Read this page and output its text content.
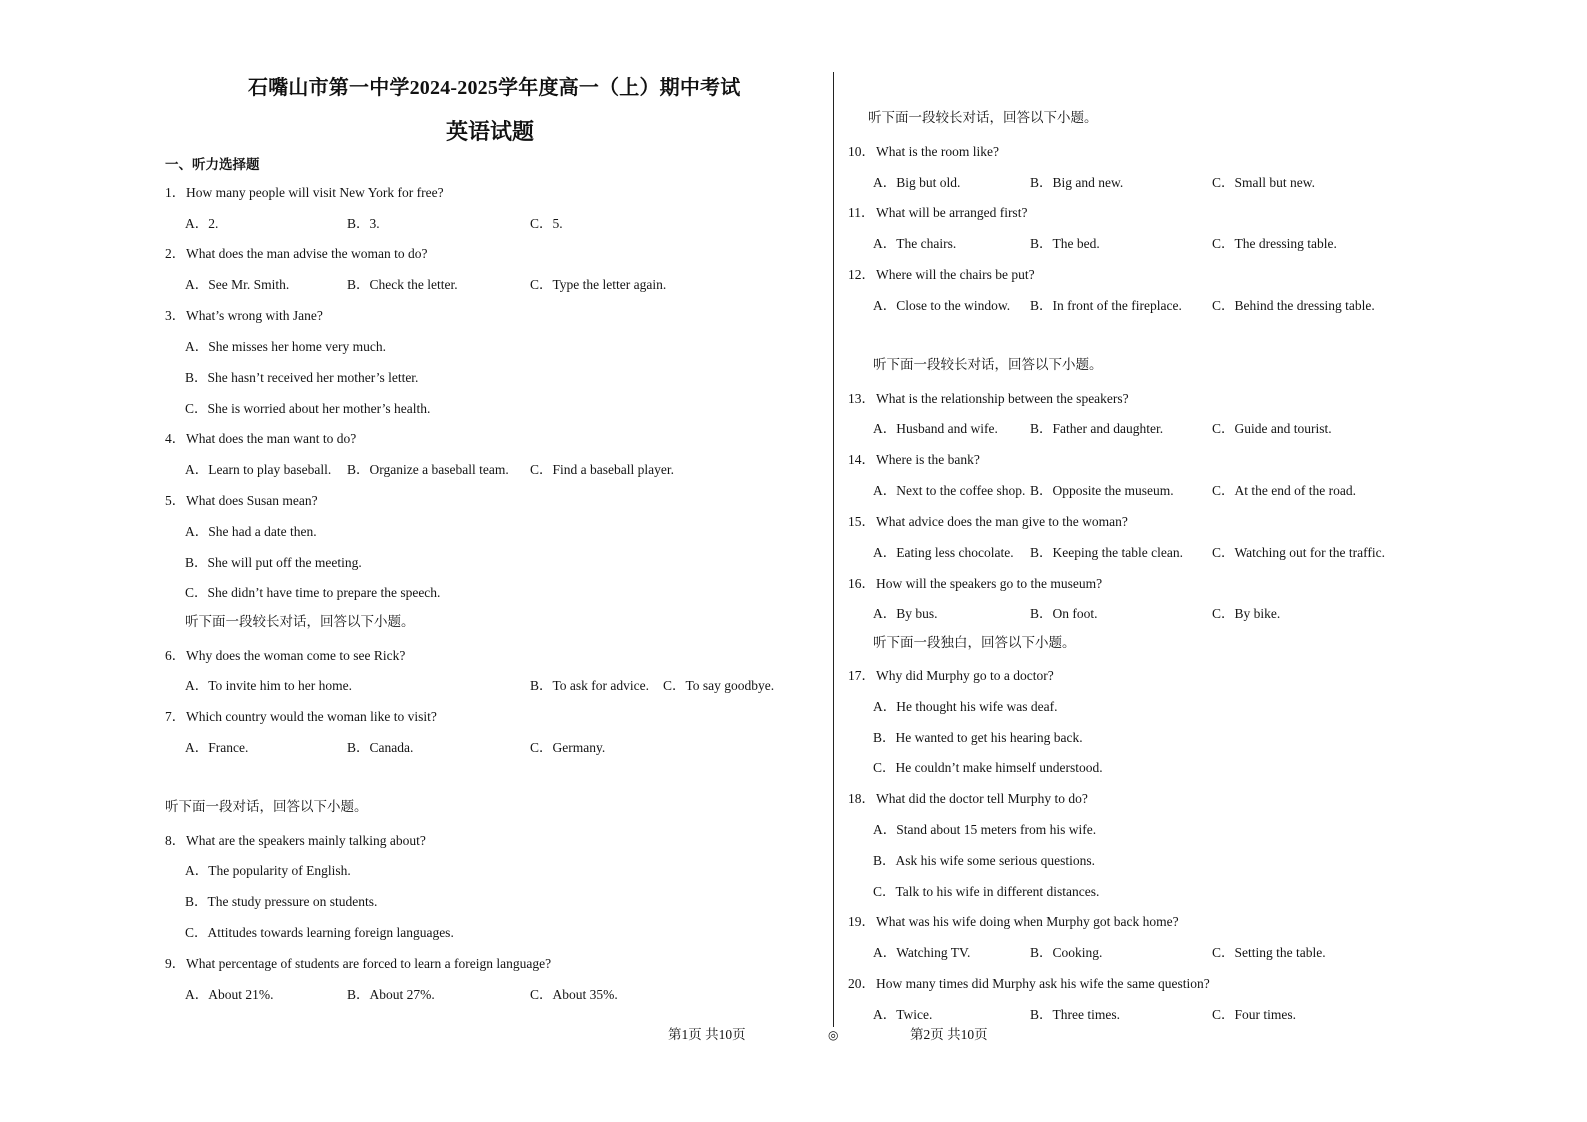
石嘴山市第一中学2024-2025学年度高一（上）期中考试
英语试题
一、听力选择题
1． How many people will visit New York for free?
A．2.	B．3.	C．5.
2． What does the man advise the woman to do?
A．See Mr. Smith.	B．Check the letter.	C．Type the letter again.
3． What’s wrong with Jane?
A．She misses her home very much.
B．She hasn’t received her mother’s letter.
C．She is worried about her mother’s health.
4． What does the man want to do?
A．Learn to play baseball. B．Organize a baseball team. C．Find a baseball player.
5． What does Susan mean?
A．She had a date then.
B．She will put off the meeting.
C．She didn’t have time to prepare the speech.
听下面一段较长对话，回答以下小题。
6． Why does the woman come to see Rick?
A．To invite him to her home.	B．To ask for advice. C．To say goodbye.
7． Which country would the woman like to visit?
A．France.	B．Canada.	C．Germany.
听下面一段对话，回答以下小题。
8． What are the speakers mainly talking about?
A．The popularity of English.
B．The study pressure on students.
C．Attitudes towards learning foreign languages.
9． What percentage of students are forced to learn a foreign language?
A．About 21%.	B．About 27%.	C．About 35%.
听下面一段较长对话，回答以下小题。
10． What is the room like?
A．Big but old.	B．Big and new.	C．Small but new.
11． What will be arranged first?
A．The chairs.	B．The bed.	C．The dressing table.
12． Where will the chairs be put?
A．Close to the window. B．In front of the fireplace. C．Behind the dressing table.
听下面一段较长对话，回答以下小题。
13． What is the relationship between the speakers?
A．Husband and wife. B．Father and daughter.	C．Guide and tourist.
14． Where is the bank?
A．Next to the coffee shop. B．Opposite the museum.	C．At the end of the road.
15． What advice does the man give to the woman?
A．Eating less chocolate. B．Keeping the table clean. C．Watching out for the traffic.
16． How will the speakers go to the museum?
A．By bus.	B．On foot.	C．By bike.
听下面一段独白，回答以下小题。
17． Why did Murphy go to a doctor?
A．He thought his wife was deaf.
B．He wanted to get his hearing back.
C．He couldn’t make himself understood.
18． What did the doctor tell Murphy to do?
A．Stand about 15 meters from his wife.
B．Ask his wife some serious questions.
C．Talk to his wife in different distances.
19． What was his wife doing when Murphy got back home?
A．Watching TV.	B．Cooking.	C．Setting the table.
20． How many times did Murphy ask his wife the same question?
A．Twice.	B．Three times.	C．Four times.
第1页 共10页	◎	第2页 共10页
